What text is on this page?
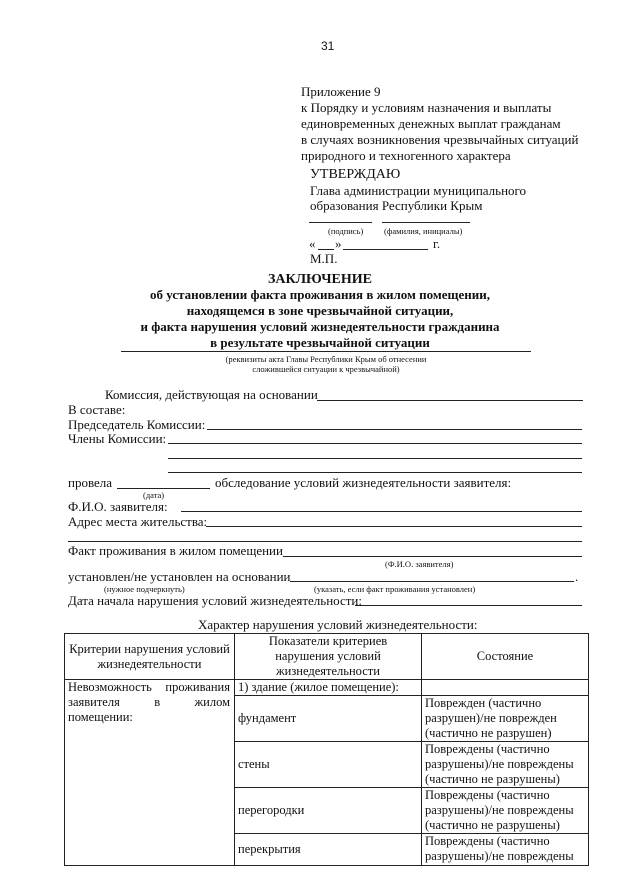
31
Приложение 9
к Порядку и условиям назначения и выплаты
единовременных денежных выплат гражданам
в случаях возникновения чрезвычайных ситуаций
природного и техногенного характера
УТВЕРЖДАЮ
Глава администрации муниципального
образования Республики Крым
(подпись) (фамилия, инициалы)
« »	г.
М.П.
ЗАКЛЮЧЕНИЕ
об установлении факта проживания в жилом помещении,
находящемся в зоне чрезвычайной ситуации,
и факта нарушения условий жизнедеятельности гражданина
в результате чрезвычайной ситуации
(реквизиты акта Главы Республики Крым об отнесении
сложившейся ситуации к чрезвычайной)
Комиссия, действующая на основании
В составе:
Председатель Комиссии:
Члены Комиссии:
провела	обследование условий жизнедеятельности заявителя:
(дата)
Ф.И.О. заявителя:
Адрес места жительства:
Факт проживания в жилом помещении
(Ф.И.О. заявителя)
установлен/не установлен на основании	.
(нужное подчеркнуть)	(указать, если факт проживания установлен)
Дата начала нарушения условий жизнедеятельности:
Характер нарушения условий жизнедеятельности:
Критерии нарушения условий жизнедеятельности	Показатели критериев нарушения условий жизнедеятельности	Состояние

Невозможность проживания заявителя в жилом помещении:	1) здание (жилое помещение):	
	фундамент	Поврежден (частично разрушен)/не поврежден (частично не разрушен)
	стены	Повреждены (частично разрушены)/не повреждены (частично не разрушены)
	перегородки	Повреждены (частично разрушены)/не повреждены (частично не разрушены)
	перекрытия	Повреждены (частично разрушены)/не повреждены
